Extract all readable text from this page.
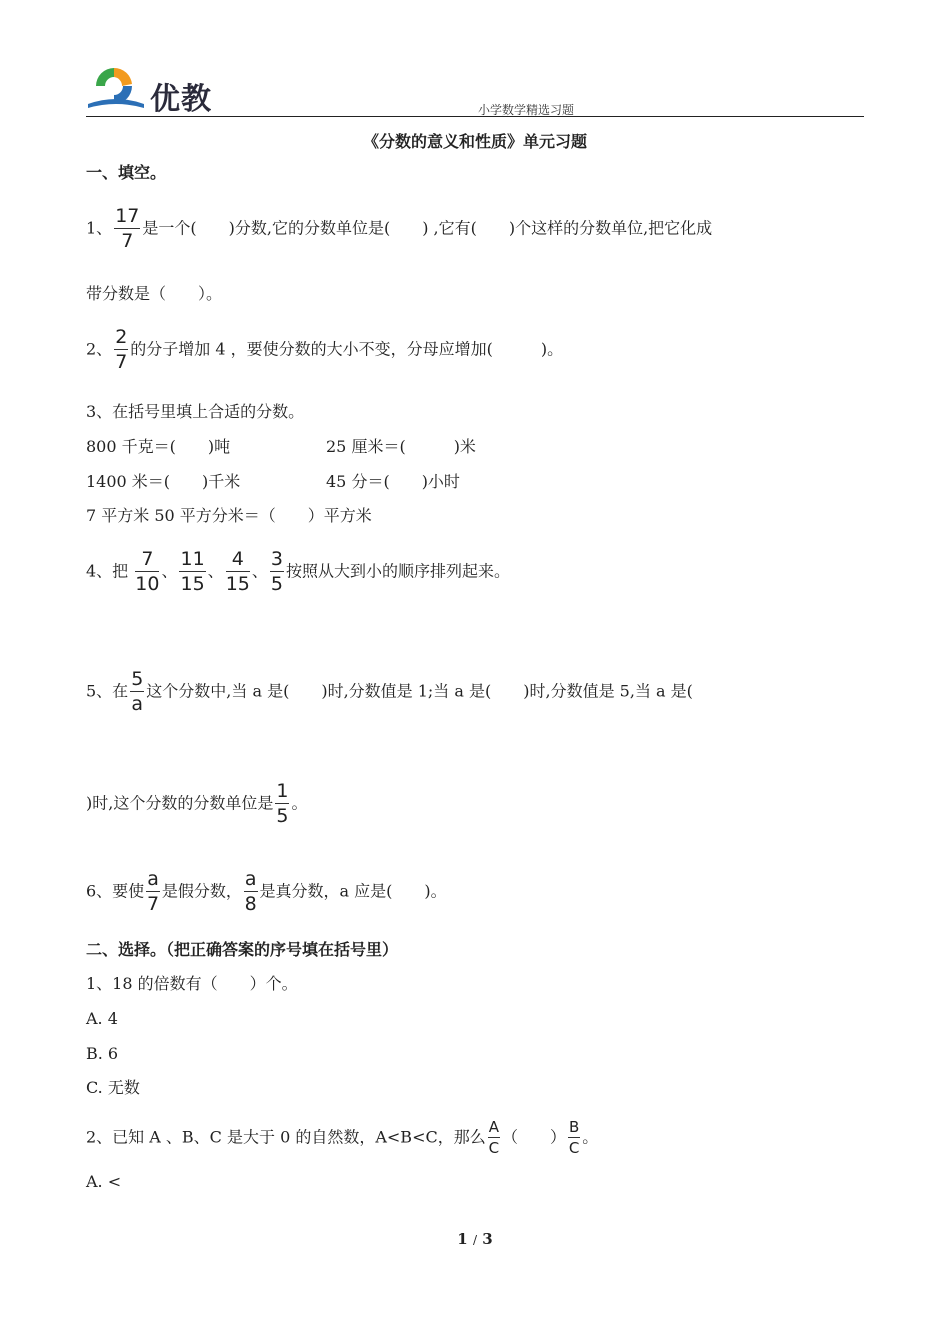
优教	小学数学精选习题
《分数的意义和性质》单元习题
一、填空。
1、 $\frac{17}{7}$ 是一个(　　)分数,它的分数单位是(　　) ,它有(　　)个这样的分数单位,把它化成
带分数是（　　）。
2、 $\frac{2}{7}$ 的分子增加 4 ，要使分数的大小不变，分母应增加(　　　)。
3、在括号里填上合适的分数。
800 千克＝(　　)吨	25 厘米＝(　　　)米
1400 米＝(　　)千米	45 分＝(　　)小时
7 平方米 50 平方分米＝（　　）平方米
4、把 $\frac{7}{10}$ 、 $\frac{11}{15}$ 、 $\frac{4}{15}$ 、 $\frac{3}{5}$ 按照从大到小的顺序排列起来。
5、在 $\frac{5}{a}$ 这个分数中,当 a 是(　　)时,分数值是 1;当 a 是(　　)时,分数值是 5,当 a 是(
)时,这个分数的分数单位是 $\frac{1}{5}$ 。
6、要使 $\frac{a}{7}$ 是假分数， $\frac{a}{8}$ 是真分数，a 应是(　　)。
二、选择。（把正确答案的序号填在括号里）
1、18 的倍数有（　　）个。
A. 4
B. 6
C. 无数
2、已知 A 、B、C 是大于 0 的自然数，A<B<C，那么 $\frac{A}{C}$ （　　） $\frac{B}{C}$ 。
A. <
1 / 3
